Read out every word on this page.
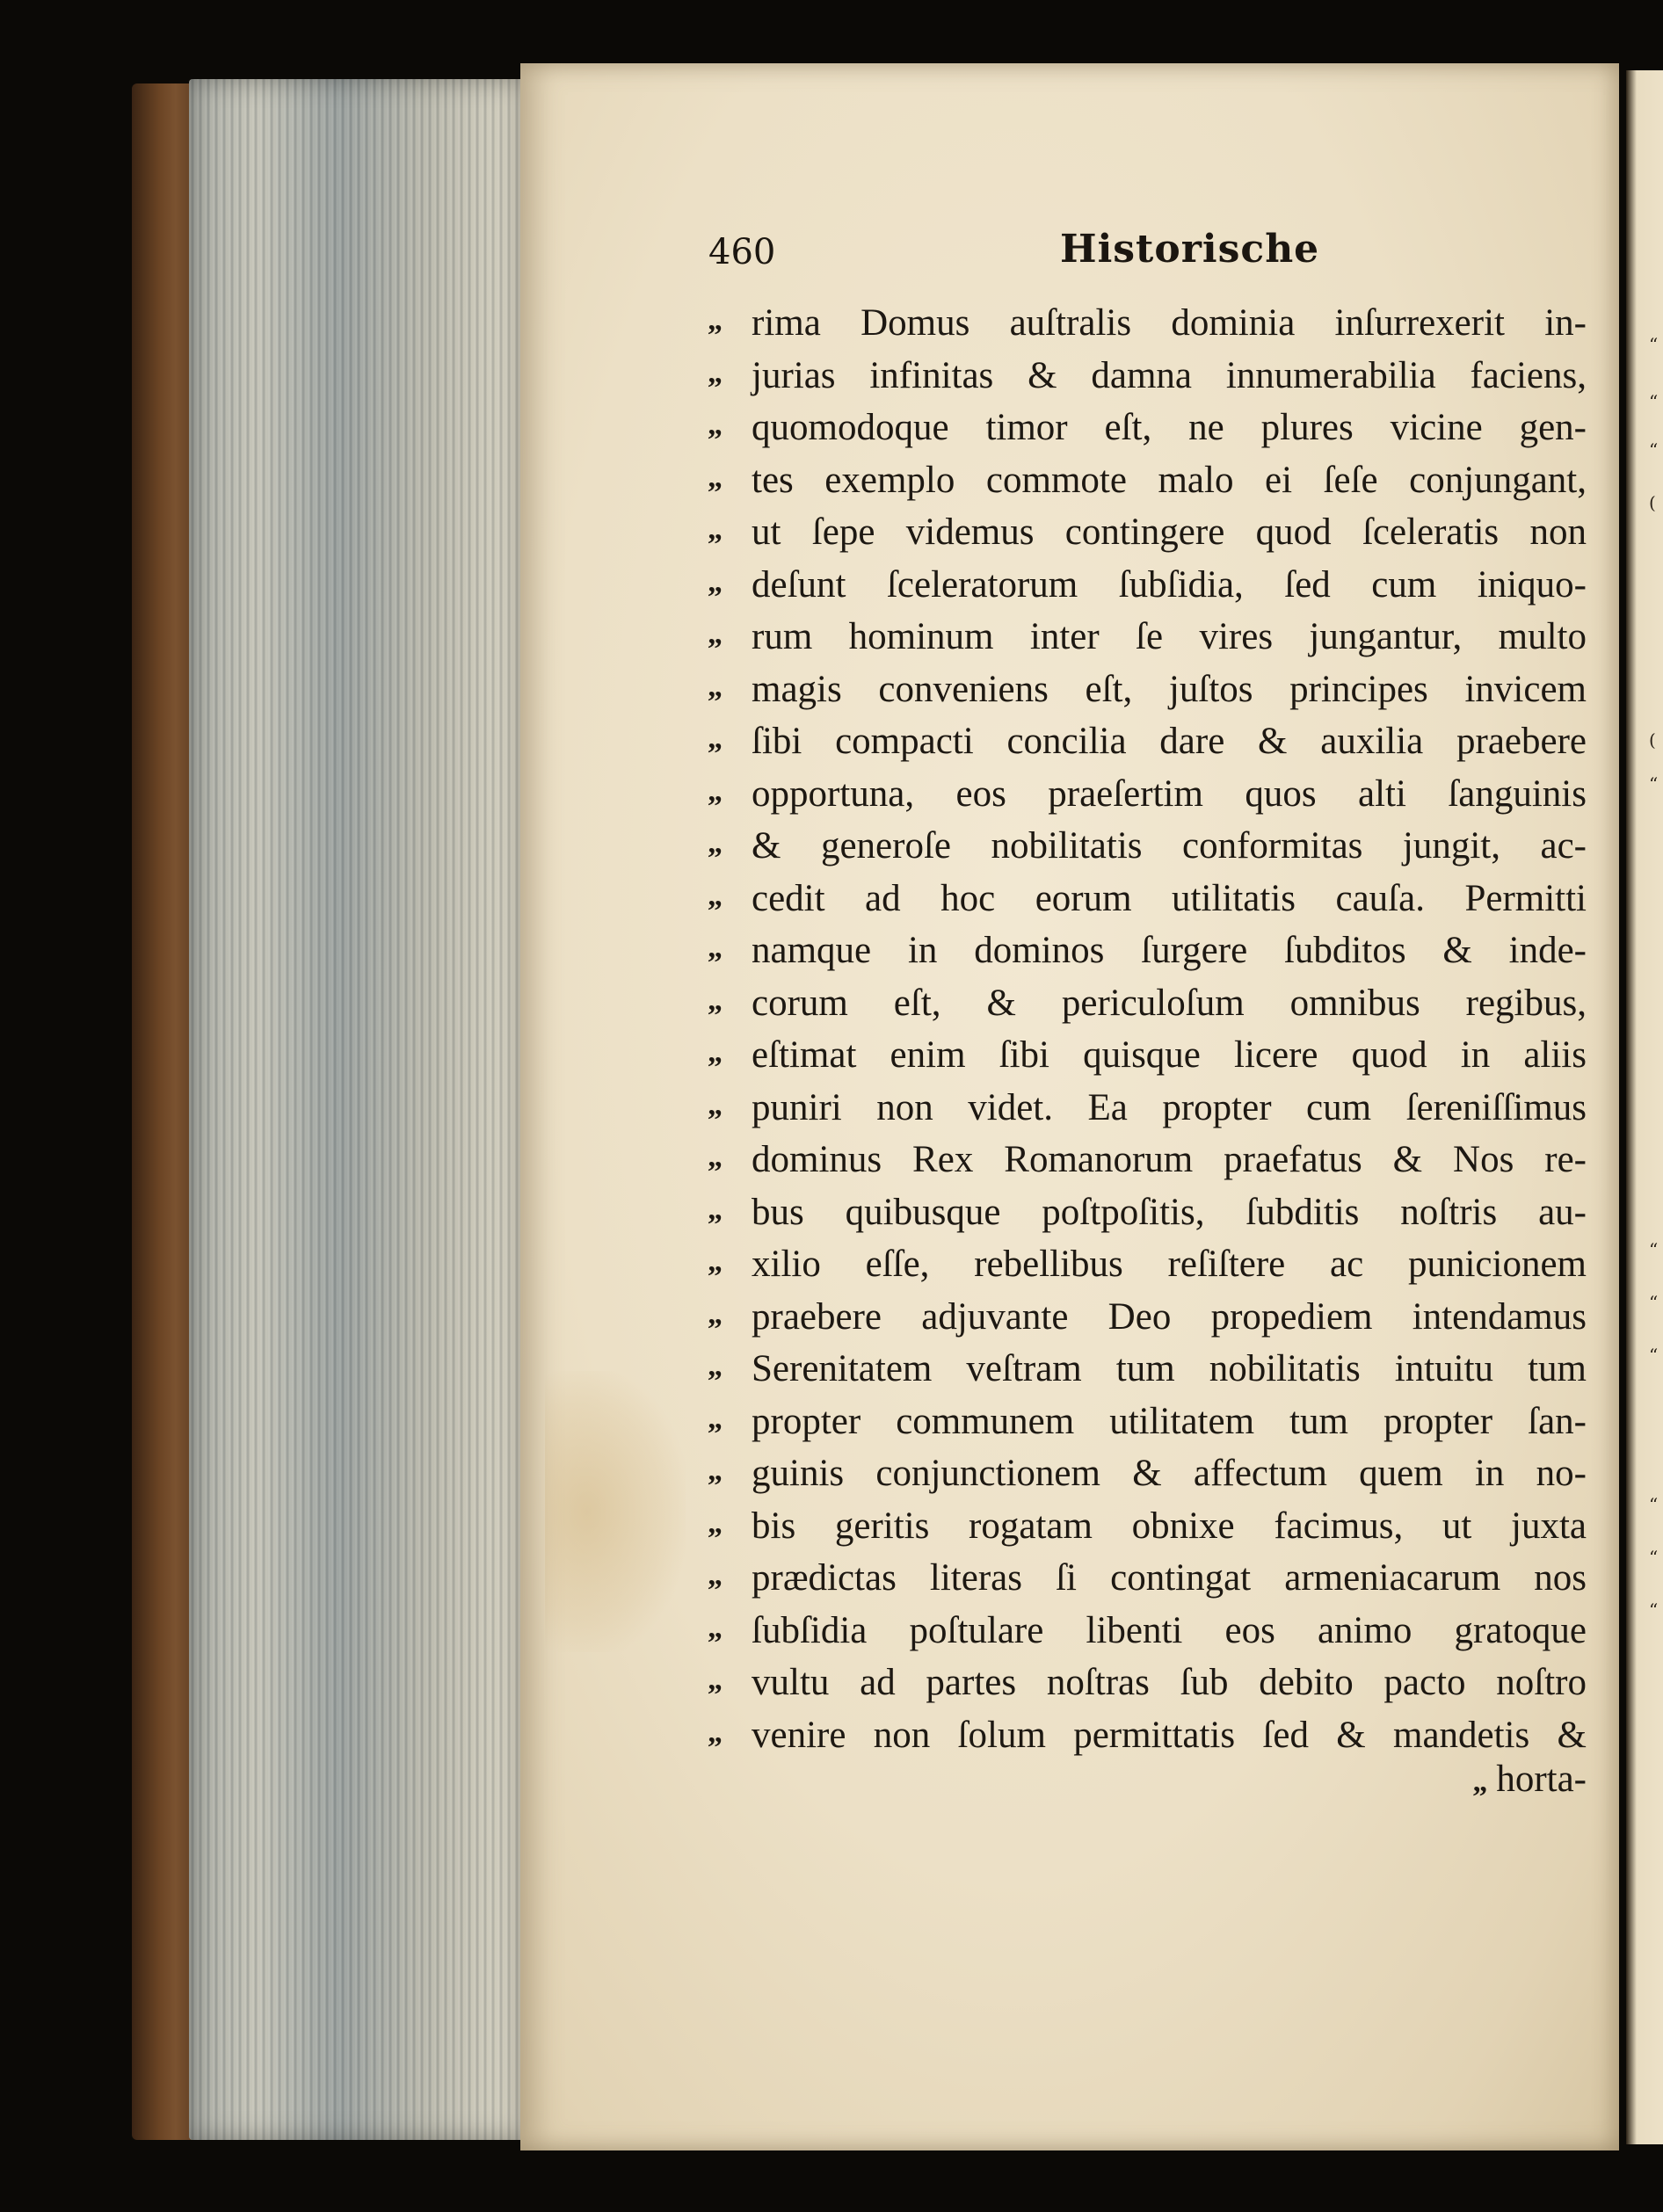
“
“
“
(
(
“
“
“
“
“
“
“
460	Historische
„ rima Domus auſtralis dominia inſurrexerit in-
„ jurias infinitas & damna innumerabilia faciens,
„ quomodoque timor eſt, ne plures vicine gen-
„ tes exemplo commote malo ei ſeſe conjungant,
„ ut ſepe videmus contingere quod ſceleratis non
„ deſunt ſceleratorum ſubſidia, ſed cum iniquo-
„ rum hominum inter ſe vires jungantur, multo
„ magis conveniens eſt, juſtos principes invicem
„ ſibi compacti concilia dare & auxilia praebere
„ opportuna, eos praeſertim quos alti ſanguinis
„ & generoſe nobilitatis conformitas jungit, ac-
„ cedit ad hoc eorum utilitatis cauſa. Permitti
„ namque in dominos ſurgere ſubditos & inde-
„ corum eſt, & periculoſum omnibus regibus,
„ eſtimat enim ſibi quisque licere quod in aliis
„ puniri non videt. Ea propter cum ſereniſſimus
„ dominus Rex Romanorum praefatus & Nos re-
„ bus quibusque poſtpoſitis, ſubditis noſtris au-
„ xilio eſſe, rebellibus reſiſtere ac punicionem
„ praebere adjuvante Deo propediem intendamus
„ Serenitatem veſtram tum nobilitatis intuitu tum
„ propter communem utilitatem tum propter ſan-
„ guinis conjunctionem & affectum quem in no-
„ bis geritis rogatam obnixe facimus, ut juxta
„ prædictas literas ſi contingat armeniacarum nos
„ ſubſidia poſtulare libenti eos animo gratoque
„ vultu ad partes noſtras ſub debito pacto noſtro
„ venire non ſolum permittatis ſed & mandetis &
„ horta-
